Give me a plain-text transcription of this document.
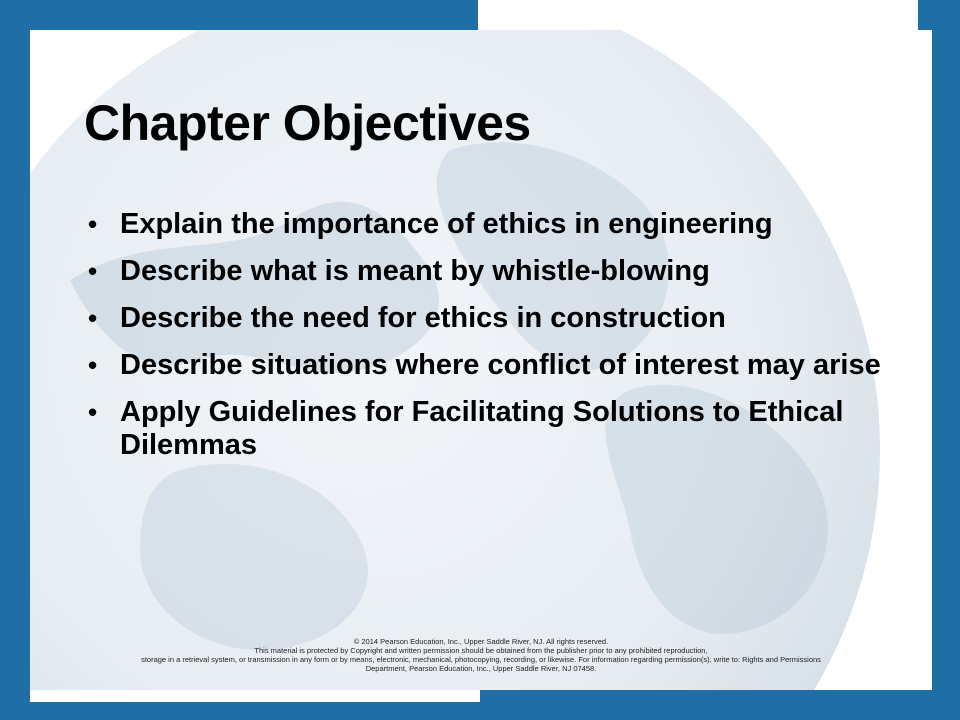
Chapter Objectives
• Explain the importance of ethics in engineering
• Describe what is meant by whistle-blowing
• Describe the need for ethics in construction
• Describe situations where conflict of interest may arise
• Apply Guidelines for Facilitating Solutions to Ethical Dilemmas
© 2014 Pearson Education, Inc., Upper Saddle River, NJ. All rights reserved.
This material is protected by Copyright and written permission should be obtained from the publisher prior to any prohibited reproduction,
storage in a retrieval system, or transmission in any form or by means, electronic, mechanical, photocopying, recording, or likewise. For information regarding permission(s), write to: Rights and Permissions
Department, Pearson Education, Inc., Upper Saddle River, NJ 07458.
